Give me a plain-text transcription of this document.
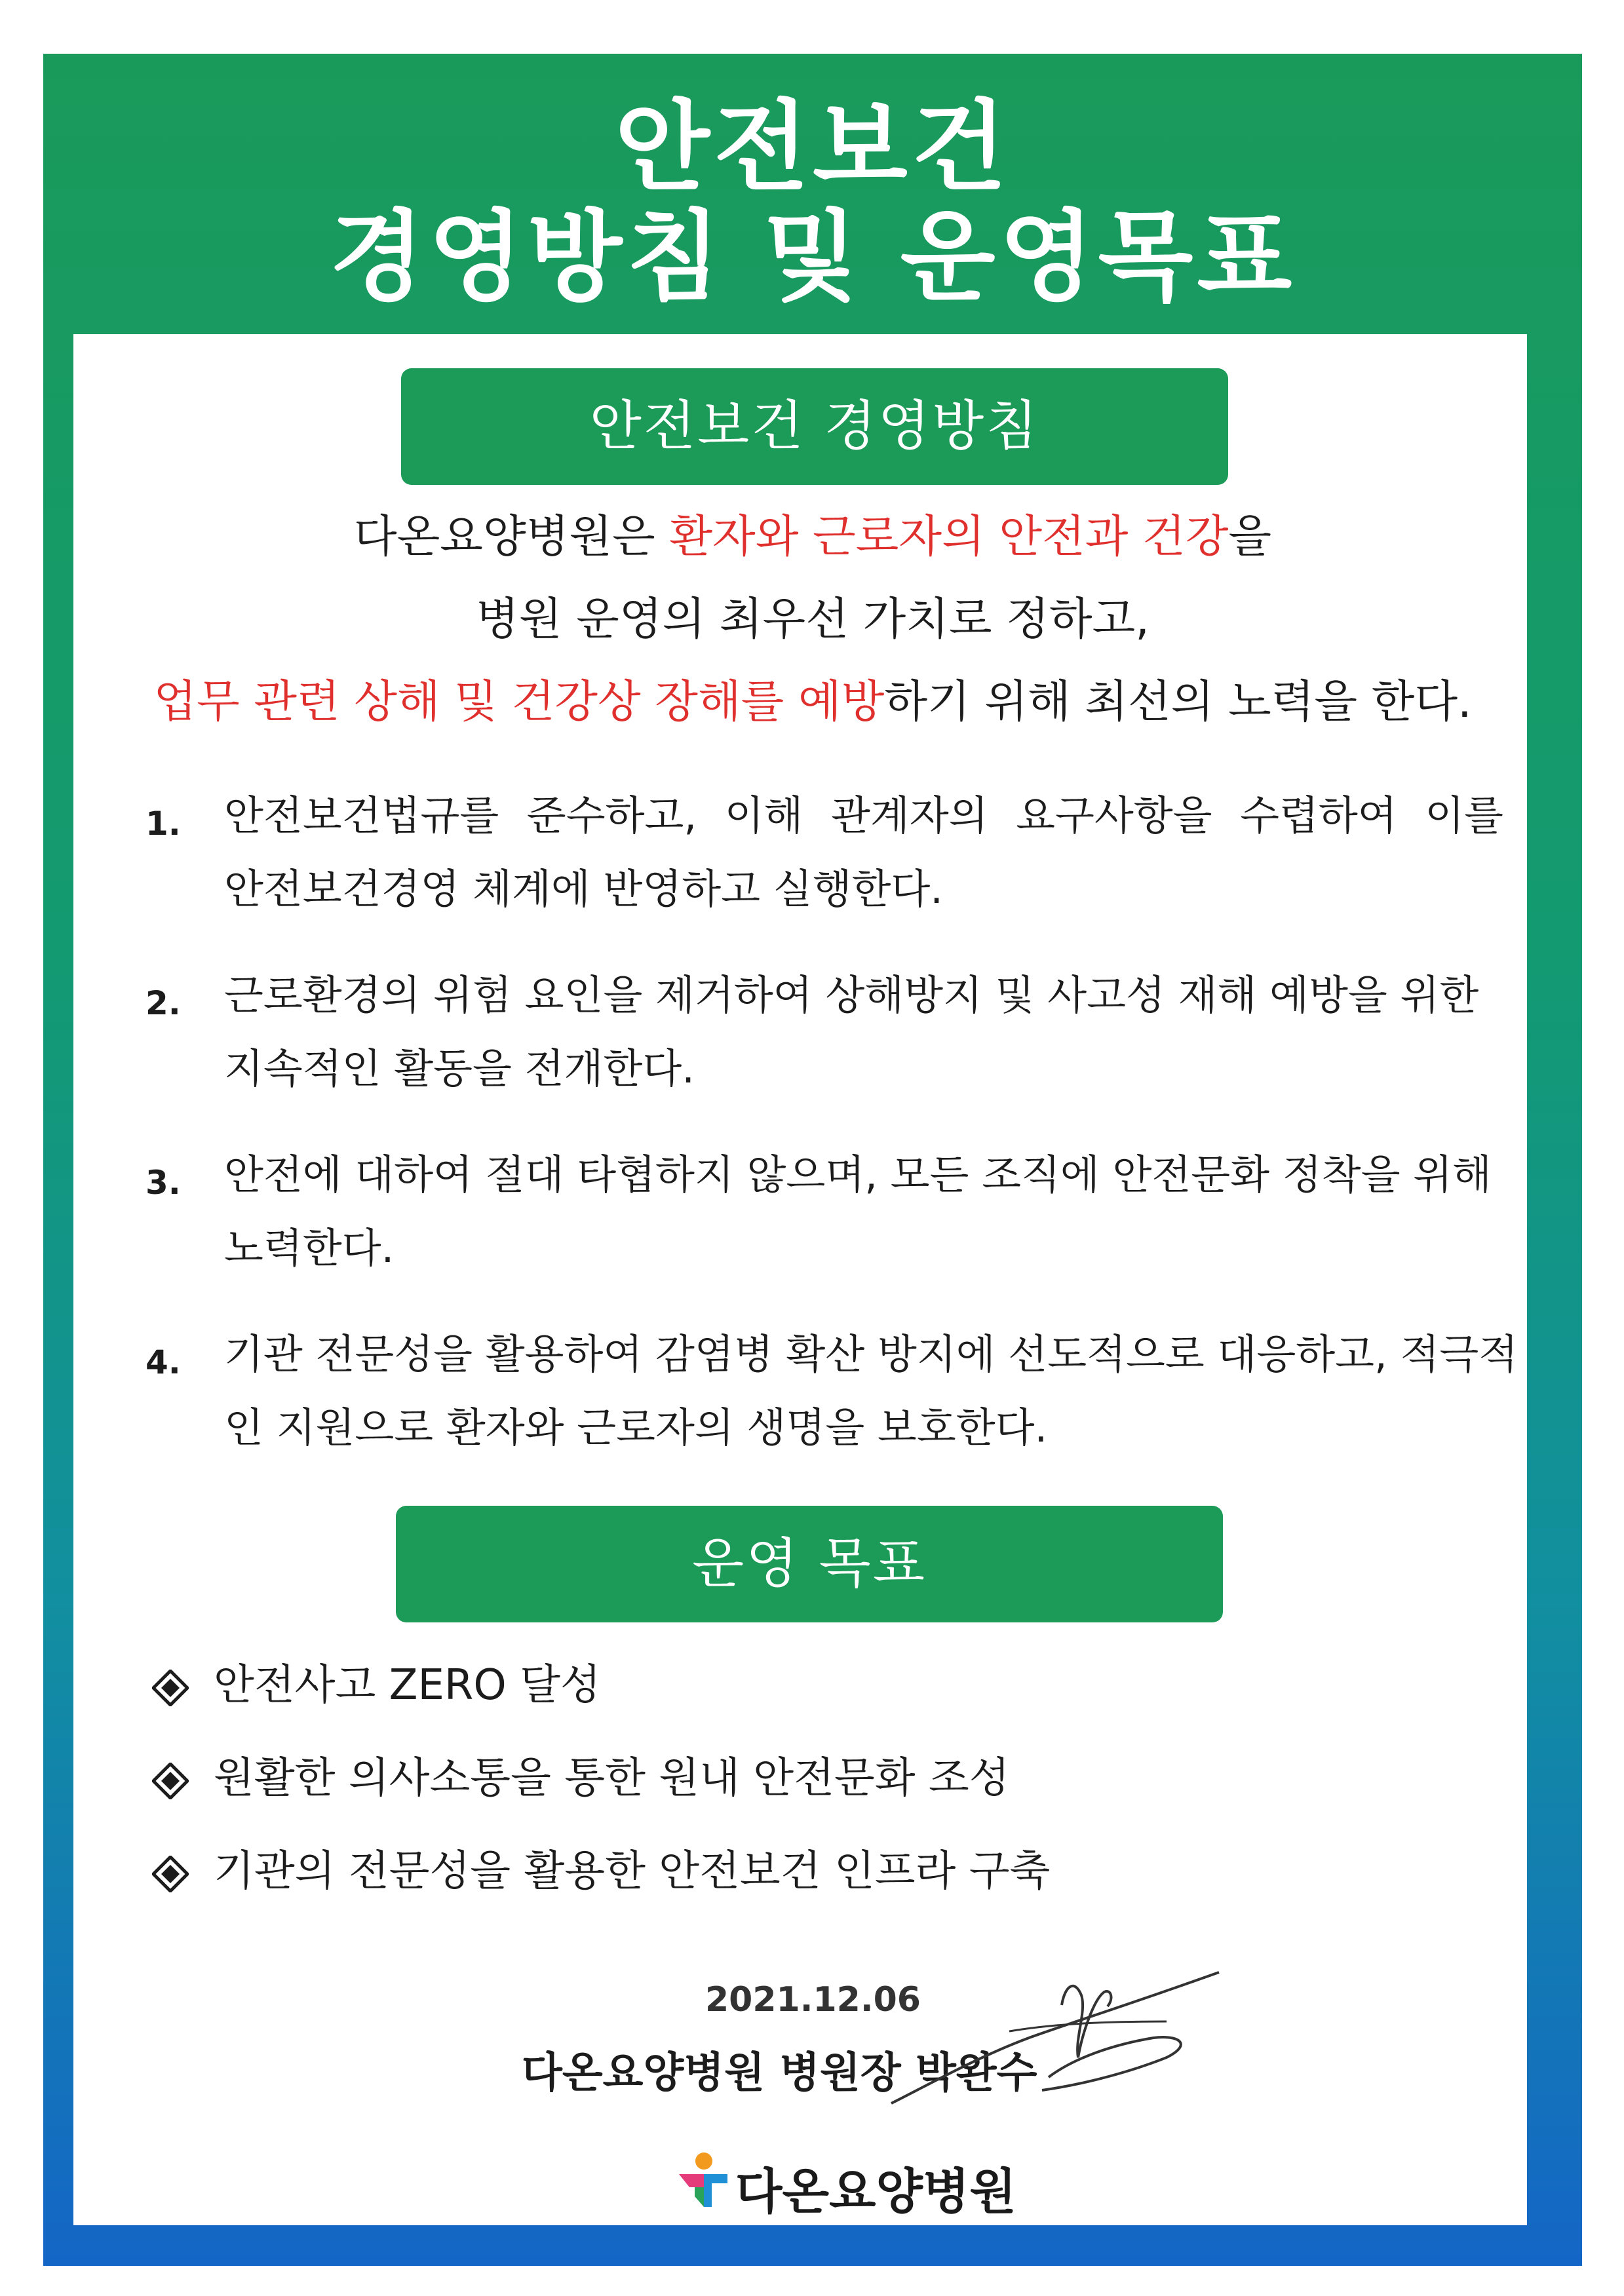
안전보건
경영방침 및 운영목표
안전보건 경영방침
다온요양병원은 환자와 근로자의 안전과 건강을
병원 운영의 최우선 가치로 정하고,
업무 관련 상해 및 건강상 장해를 예방하기 위해 최선의 노력을 한다.
1. 안전보건법규를 준수하고, 이해 관계자의 요구사항을 수렵하여 이를
안전보건경영 체계에 반영하고 실행한다.
2. 근로환경의 위험 요인을 제거하여 상해방지 및 사고성 재해 예방을 위한
지속적인 활동을 전개한다.
3. 안전에 대하여 절대 타협하지 않으며, 모든 조직에 안전문화 정착을 위해
노력한다.
4. 기관 전문성을 활용하여 감염병 확산 방지에 선도적으로 대응하고, 적극적
인 지원으로 환자와 근로자의 생명을 보호한다.
운영 목표
안전사고 ZERO 달성
원활한 의사소통을 통한 원내 안전문화 조성
기관의 전문성을 활용한 안전보건 인프라 구축
2021.12.06
다온요양병원 병원장 박완수
다온요양병원
